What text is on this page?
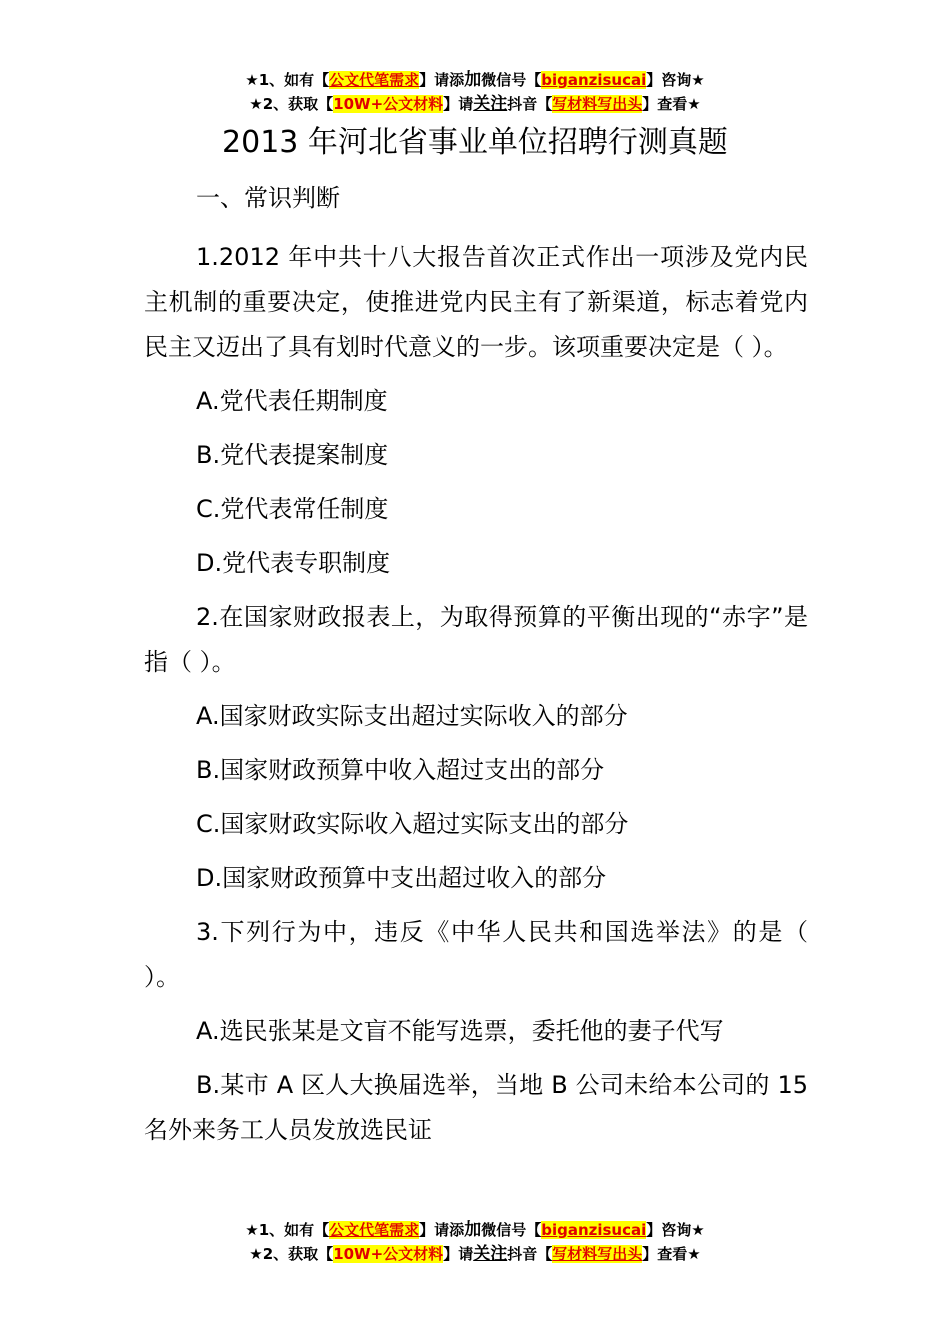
★1、如有【公文代笔需求】请添加微信号【biganzisucai】咨询★
★2、获取【10W+公文材料】请关注抖音【写材料写出头】查看★
2013 年河北省事业单位招聘行测真题

一、常识判断

1.2012 年中共十八大报告首次正式作出一项涉及党内民主机制的重要决定，使推进党内民主有了新渠道，标志着党内民主又迈出了具有划时代意义的一步。该项重要决定是（ ）。

A.党代表任期制度

B.党代表提案制度

C.党代表常任制度

D.党代表专职制度

2.在国家财政报表上，为取得预算的平衡出现的“赤字”是指（ ）。

A.国家财政实际支出超过实际收入的部分

B.国家财政预算中收入超过支出的部分

C.国家财政实际收入超过实际支出的部分

D.国家财政预算中支出超过收入的部分

3.下列行为中，违反《中华人民共和国选举法》的是（ ）。

A.选民张某是文盲不能写选票，委托他的妻子代写

B.某市 A 区人大换届选举，当地 B 公司未给本公司的 15 名外来务工人员发放选民证

★1、如有【公文代笔需求】请添加微信号【biganzisucai】咨询★
★2、获取【10W+公文材料】请关注抖音【写材料写出头】查看★
